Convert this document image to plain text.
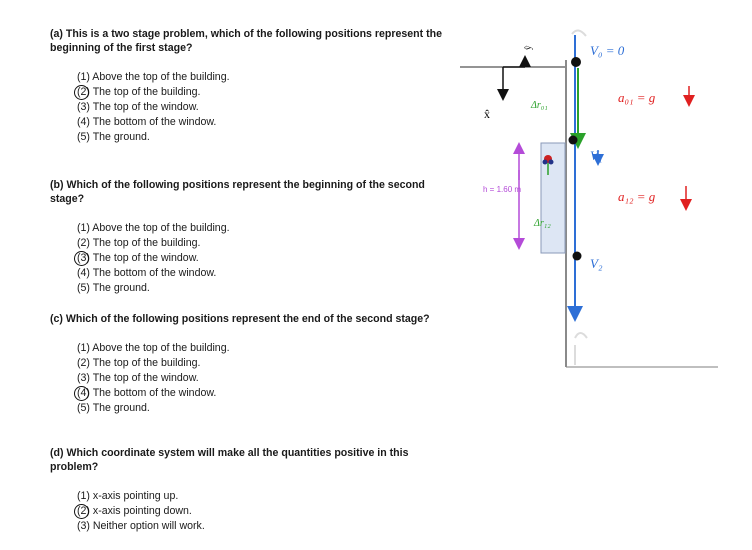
(a) This is a two stage problem, which of the following positions represent the beginning of the first stage?
(1) Above the top of the building.
(2) The top of the building.
(3) The top of the window.
(4) The bottom of the window.
(5) The ground.
(b) Which of the following positions represent the beginning of the second stage?
(1) Above the top of the building.
(2) The top of the building.
(3) The top of the window.
(4) The bottom of the window.
(5) The ground.
(c) Which of the following positions represent the end of the second stage?
(1) Above the top of the building.
(2) The top of the building.
(3) The top of the window.
(4) The bottom of the window.
(5) The ground.
(d) Which coordinate system will make all the quantities positive in this problem?
(1) x-axis pointing up.
(2) x-axis pointing down.
(3) Neither option will work.
x̂
ŷ
Δr₀₁
Δr₁₂
h = 1.60 m
V₀ = 0
a₀₁ = g
V₁
a₁₂ = g
V₂
